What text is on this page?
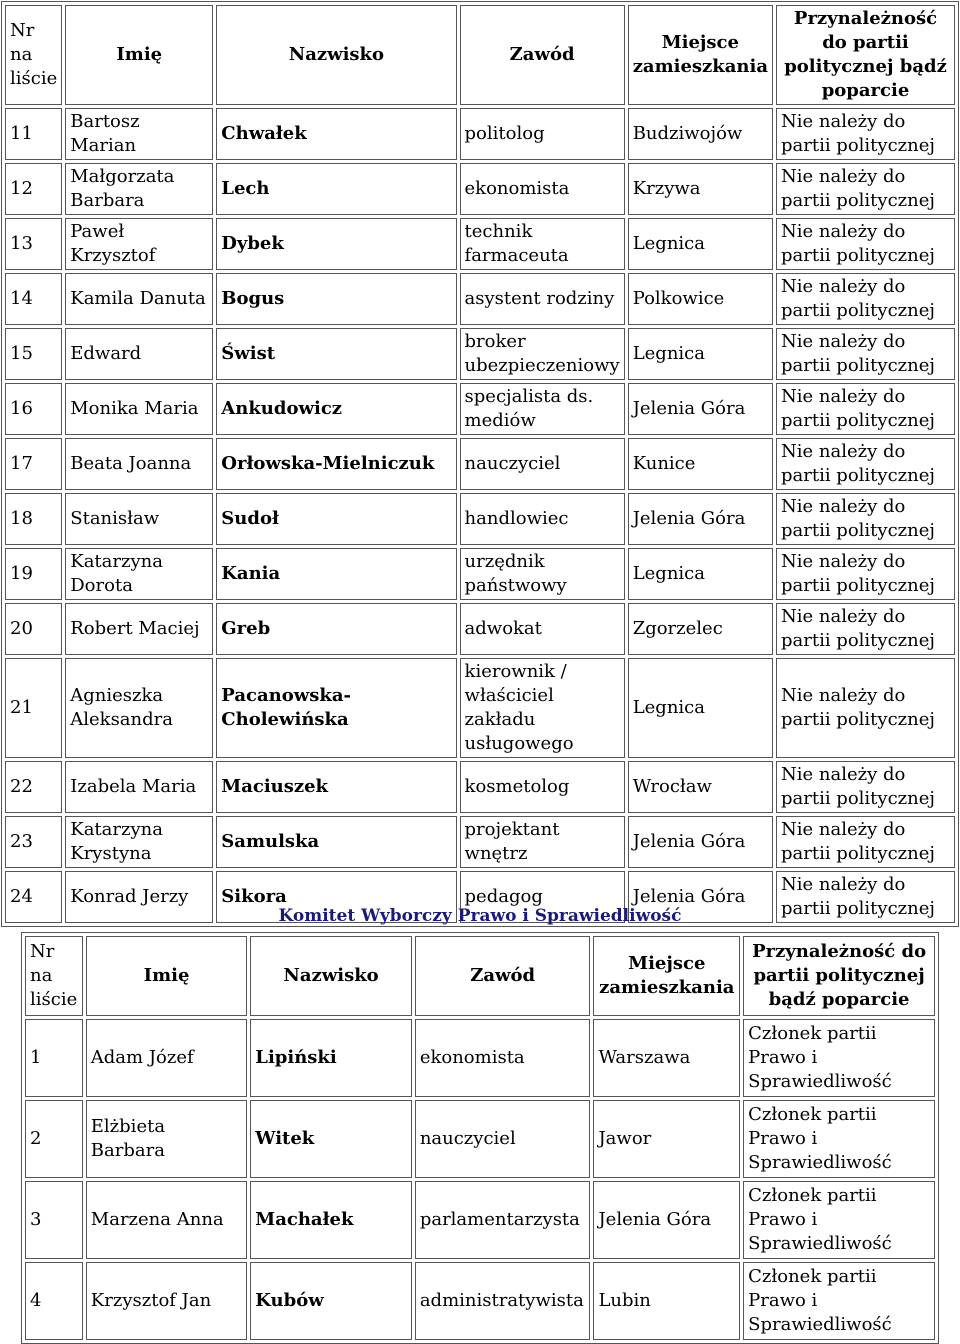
Nr na liście	Imię	Nazwisko	Zawód	Miejsce zamieszkania	Przynależność do partii politycznej bądź poparcie
11	Bartosz Marian	Chwałek	politolog	Budziwojów	Nie należy do partii politycznej
12	Małgorzata Barbara	Lech	ekonomista	Krzywa	Nie należy do partii politycznej
13	Paweł Krzysztof	Dybek	technik farmaceuta	Legnica	Nie należy do partii politycznej
14	Kamila Danuta	Bogus	asystent rodziny	Polkowice	Nie należy do partii politycznej
15	Edward	Świst	broker ubezpieczeniowy	Legnica	Nie należy do partii politycznej
16	Monika Maria	Ankudowicz	specjalista ds. mediów	Jelenia Góra	Nie należy do partii politycznej
17	Beata Joanna	Orłowska-Mielniczuk	nauczyciel	Kunice	Nie należy do partii politycznej
18	Stanisław	Sudoł	handlowiec	Jelenia Góra	Nie należy do partii politycznej
19	Katarzyna Dorota	Kania	urzędnik państwowy	Legnica	Nie należy do partii politycznej
20	Robert Maciej	Greb	adwokat	Zgorzelec	Nie należy do partii politycznej
21	Agnieszka Aleksandra	Pacanowska-Cholewińska	kierownik / właściciel zakładu usługowego	Legnica	Nie należy do partii politycznej
22	Izabela Maria	Maciuszek	kosmetolog	Wrocław	Nie należy do partii politycznej
23	Katarzyna Krystyna	Samulska	projektant wnętrz	Jelenia Góra	Nie należy do partii politycznej
24	Konrad Jerzy	Sikora	pedagog	Jelenia Góra	Nie należy do partii politycznej
Komitet Wyborczy Prawo i Sprawiedliwość
Nr na liście	Imię	Nazwisko	Zawód	Miejsce zamieszkania	Przynależność do partii politycznej bądź poparcie
1	Adam Józef	Lipiński	ekonomista	Warszawa	Członek partii Prawo i Sprawiedliwość
2	Elżbieta Barbara	Witek	nauczyciel	Jawor	Członek partii Prawo i Sprawiedliwość
3	Marzena Anna	Machałek	parlamentarzysta	Jelenia Góra	Członek partii Prawo i Sprawiedliwość
4	Krzysztof Jan	Kubów	administratywista	Lubin	Członek partii Prawo i Sprawiedliwość
